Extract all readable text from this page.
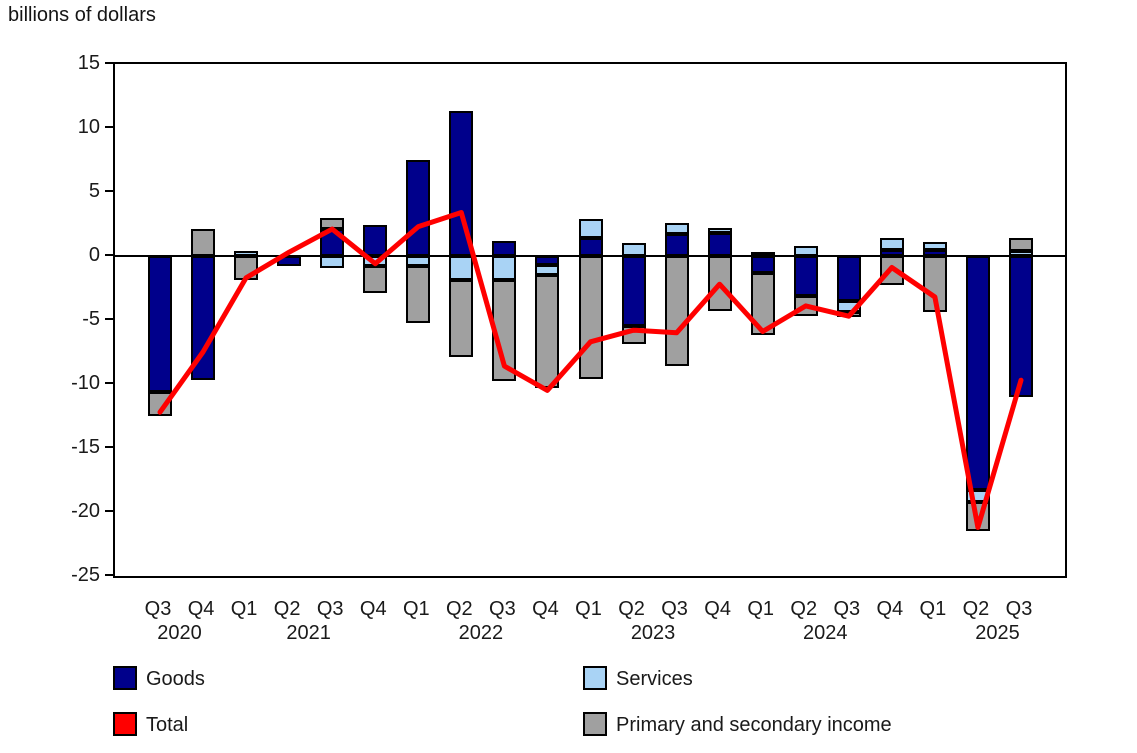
billions of dollars
15
10
5
0
-5
-10
-15
-20
-25
Q3 Q4 Q1 Q2 Q3 Q4 Q1 Q2 Q3 Q4 Q1 Q2 Q3 Q4 Q1 Q2 Q3 Q4 Q1 Q2 Q3
2020	2021	2022	2023	2024	2025
Goods
Total
Services
Primary and secondary income
